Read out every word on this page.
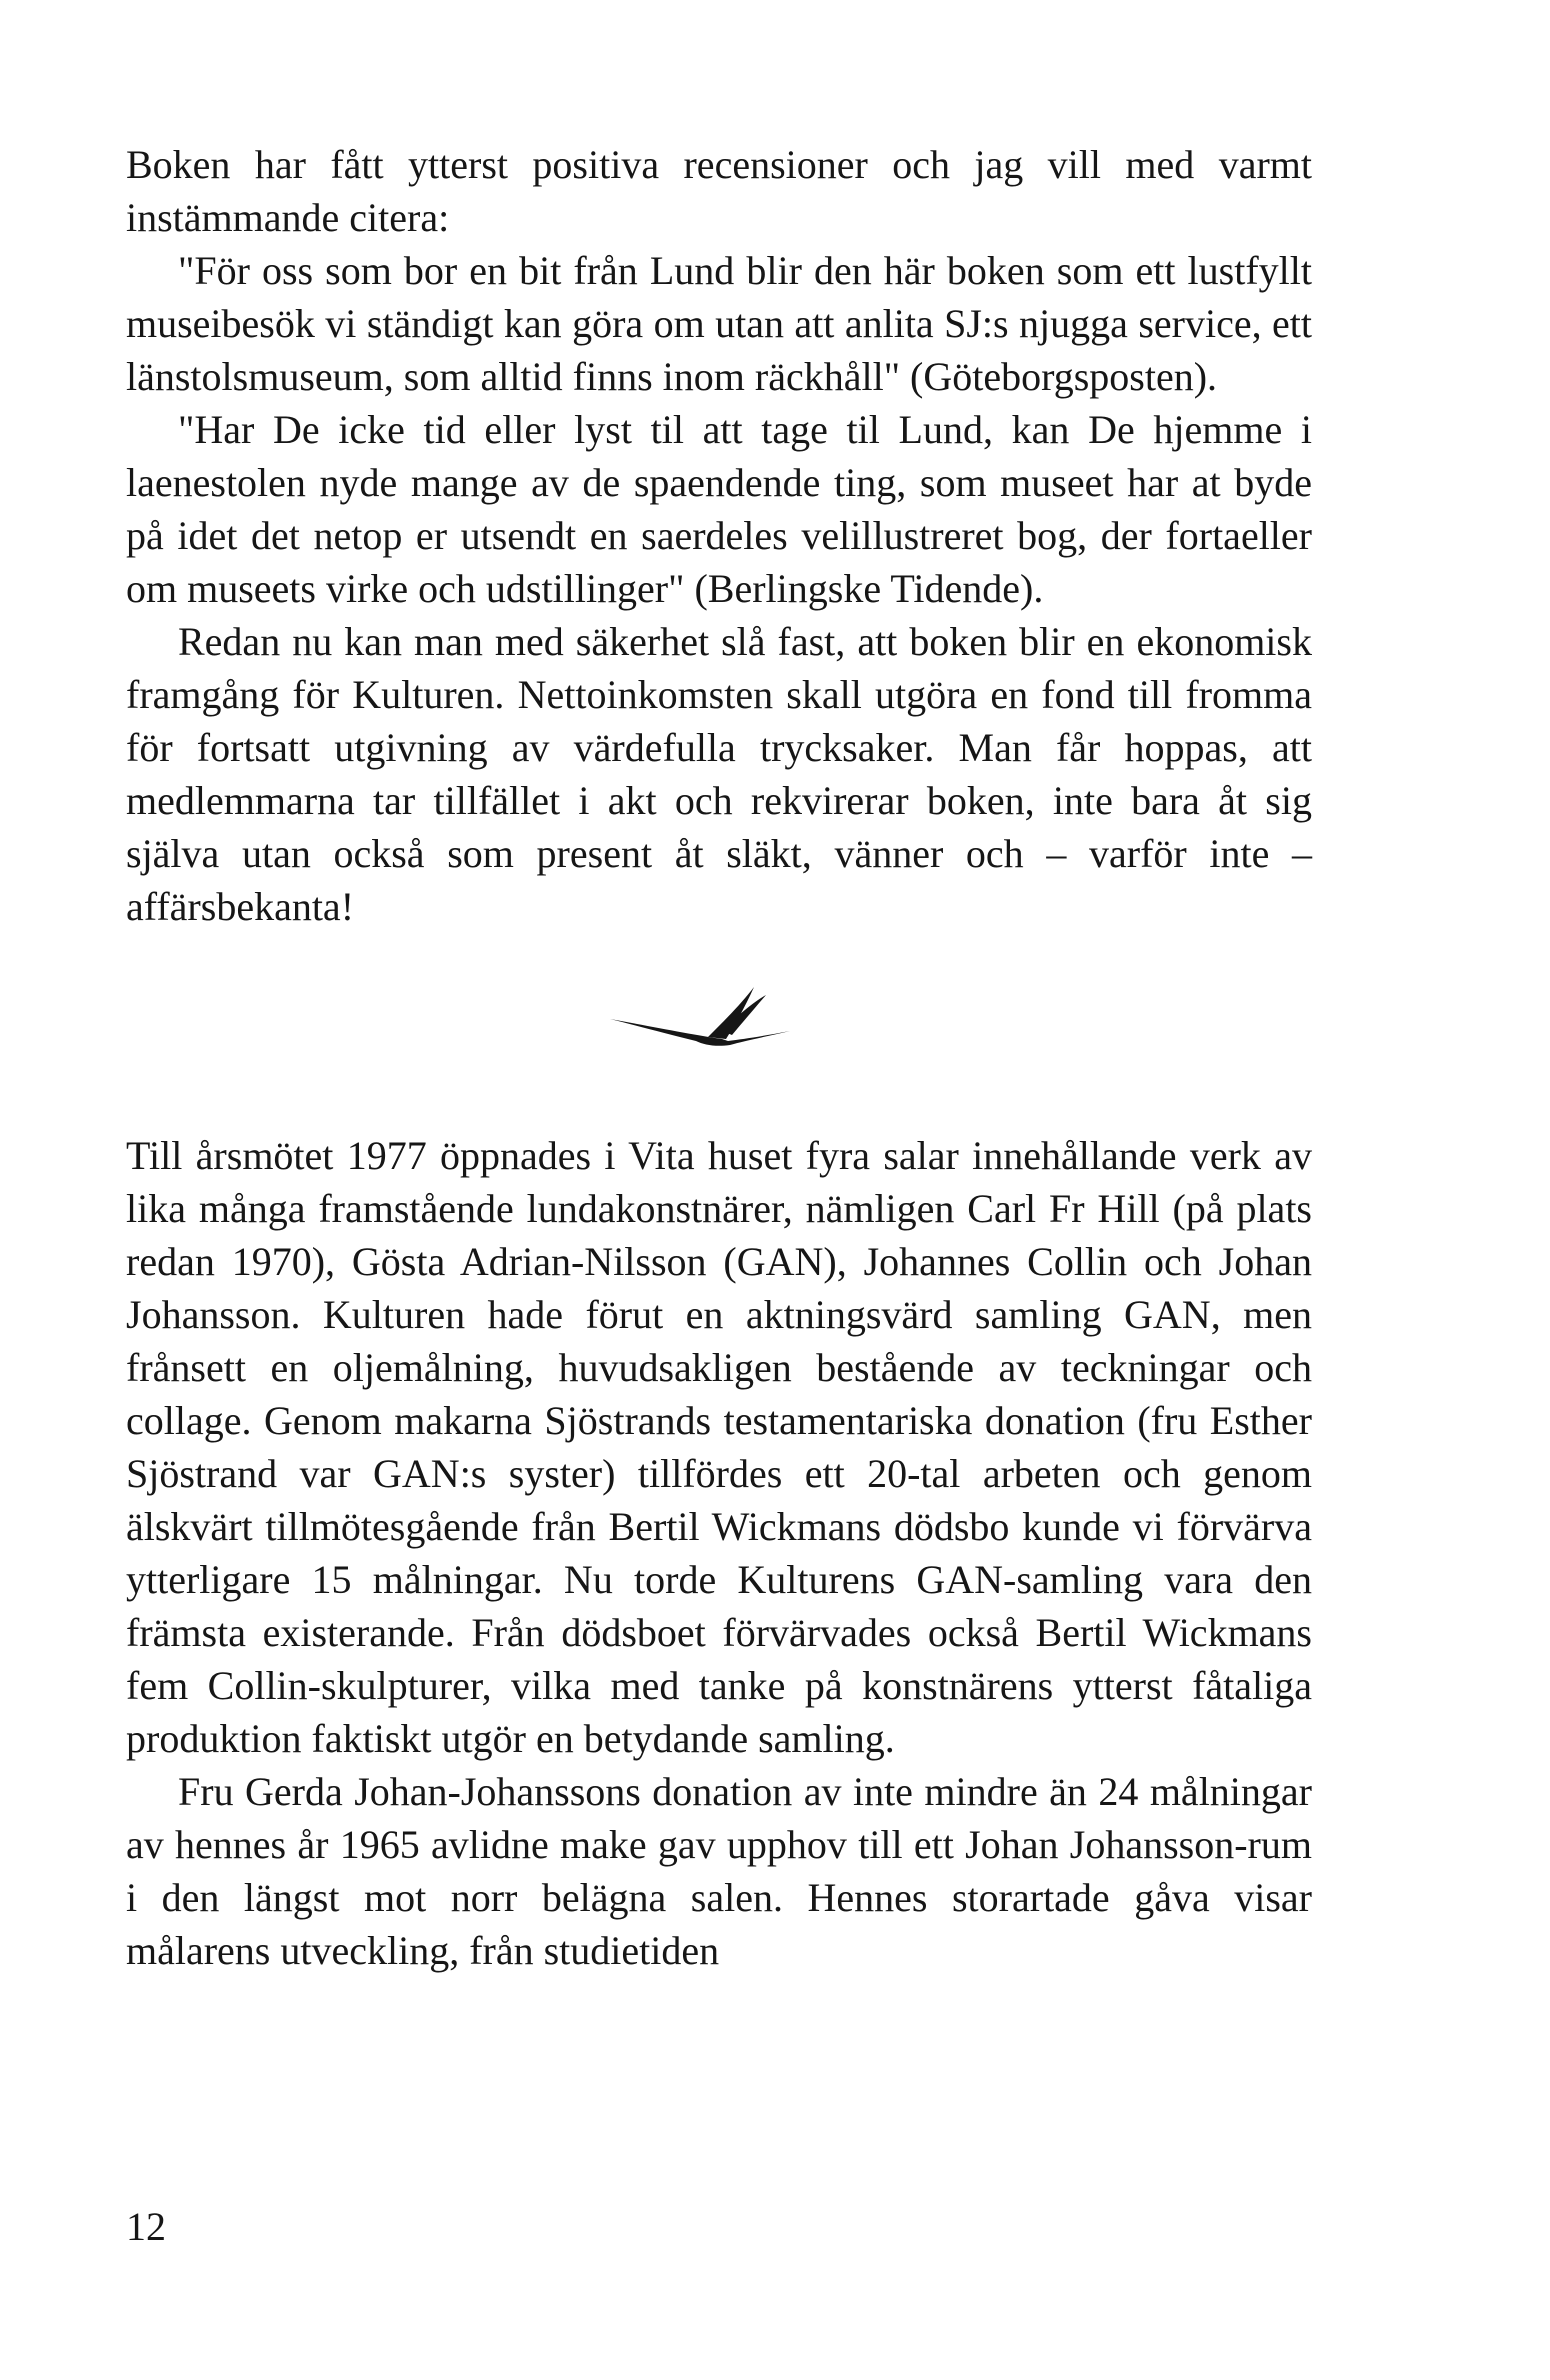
Boken har fått ytterst positiva recensioner och jag vill med varmt instämmande citera:

"För oss som bor en bit från Lund blir den här boken som ett lustfyllt museibesök vi ständigt kan göra om utan att anlita SJ:s njugga service, ett länstolsmuseum, som alltid finns inom räckhåll" (Göteborgsposten).

"Har De icke tid eller lyst til att tage til Lund, kan De hjemme i laenestolen nyde mange av de spaendende ting, som museet har at byde på idet det netop er utsendt en saerdeles velillustreret bog, der fortaeller om museets virke och udstillinger" (Berlingske Tidende).

Redan nu kan man med säkerhet slå fast, att boken blir en ekonomisk framgång för Kulturen. Nettoinkomsten skall utgöra en fond till fromma för fortsatt utgivning av värdefulla trycksaker. Man får hoppas, att medlemmarna tar tillfället i akt och rekvirerar boken, inte bara åt sig själva utan också som present åt släkt, vänner och – varför inte – affärsbekanta!

Till årsmötet 1977 öppnades i Vita huset fyra salar innehållande verk av lika många framstående lundakonstnärer, nämligen Carl Fr Hill (på plats redan 1970), Gösta Adrian-Nilsson (GAN), Johannes Collin och Johan Johansson. Kulturen hade förut en aktningsvärd samling GAN, men frånsett en oljemålning, huvudsakligen bestående av teckningar och collage. Genom makarna Sjöstrands testamentariska donation (fru Esther Sjöstrand var GAN:s syster) tillfördes ett 20-tal arbeten och genom älskvärt tillmötesgående från Bertil Wickmans dödsbo kunde vi förvärva ytterligare 15 målningar. Nu torde Kulturens GAN-samling vara den främsta existerande. Från dödsboet förvärvades också Bertil Wickmans fem Collin-skulpturer, vilka med tanke på konstnärens ytterst fåtaliga produktion faktiskt utgör en betydande samling.

Fru Gerda Johan-Johanssons donation av inte mindre än 24 målningar av hennes år 1965 avlidne make gav upphov till ett Johan Johansson-rum i den längst mot norr belägna salen. Hennes storartade gåva visar målarens utveckling, från studietiden

12
